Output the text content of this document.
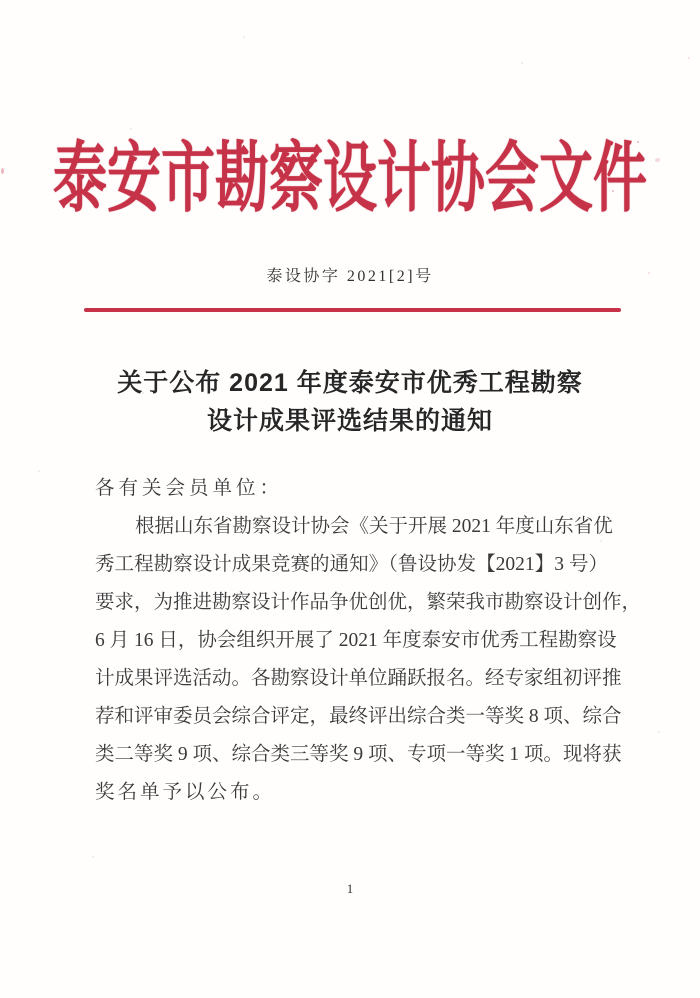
泰安市勘察设计协会文件
泰设协字 2021[2]号
关于公布 2021 年度泰安市优秀工程勘察
设计成果评选结果的通知
各有关会员单位：
根据山东省勘察设计协会《关于开展 2021 年度山东省优
秀工程勘察设计成果竞赛的通知》（鲁设协发【2021】3 号）
要求，为推进勘察设计作品争优创优，繁荣我市勘察设计创作，
6 月 16 日，协会组织开展了 2021 年度泰安市优秀工程勘察设
计成果评选活动。各勘察设计单位踊跃报名。经专家组初评推
荐和评审委员会综合评定，最终评出综合类一等奖 8 项、综合
类二等奖 9 项、综合类三等奖 9 项、专项一等奖 1 项。现将获
奖名单予以公布。
1
